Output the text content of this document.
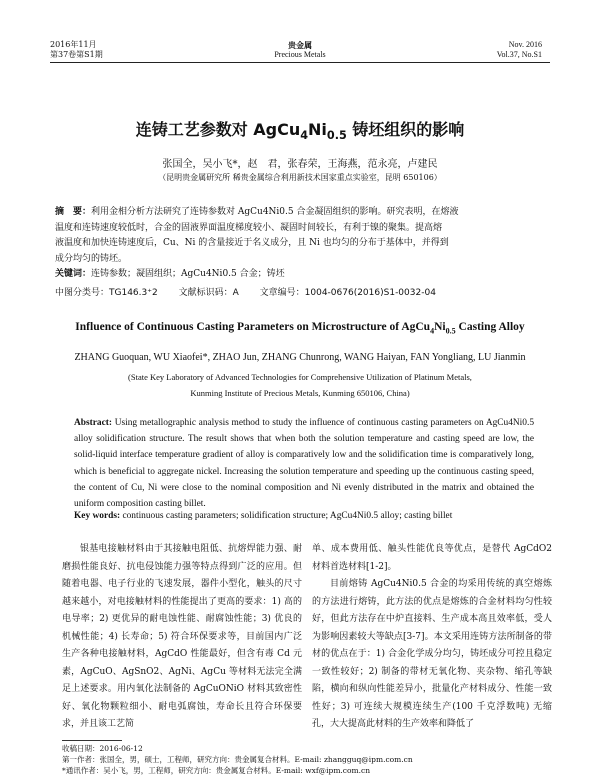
2016年11月
第37卷第S1期
贵金属
Precious Metals
Nov. 2016
Vol.37, No.S1
连铸工艺参数对 $AgCu_4Ni_{0.5}$ 铸坯组织的影响
张国全，吴小飞*，赵　君，张春荣，王海燕，范永亮，卢建民
（昆明贵金属研究所 稀贵金属综合利用新技术国家重点实验室，昆明 650106）
摘　要：利用金相分析方法研究了连铸参数对 AgCu4Ni0.5 合金凝固组织的影响。研究表明，在熔液
温度和连铸速度较低时，合金的固液界面温度梯度较小、凝固时间较长，有利于镍的聚集。提高熔
液温度和加快连铸速度后，Cu、Ni 的含量接近于名义成分，且 Ni 也均匀的分布于基体中，并得到
成分均匀的铸坯。
关键词：连铸参数；凝固组织；AgCu4Ni0.5 合金；铸坯
中图分类号：TG146.3⁺2 文献标识码：A 文章编号：1004-0676(2016)S1-0032-04
Influence of Continuous Casting Parameters on Microstructure of $AgCu_4Ni_{0.5}$ Casting Alloy
ZHANG Guoquan, WU Xiaofei*, ZHAO Jun, ZHANG Chunrong, WANG Haiyan, FAN Yongliang, LU Jianmin
(State Key Laboratory of Advanced Technologies for Comprehensive Utilization of Platinum Metals,
Kunming Institute of Precious Metals, Kunming 650106, China)
Abstract: Using metallographic analysis method to study the influence of continuous casting parameters on AgCu4Ni0.5 alloy solidification structure. The result shows that when both the solution temperature and casting speed are low, the solid-liquid interface temperature gradient of alloy is comparatively low and the solidification time is comparatively long, which is beneficial to aggregate nickel. Increasing the solution temperature and speeding up the continuous casting speed, the content of Cu, Ni were close to the nominal composition and Ni evenly distributed in the matrix and obtained the uniform composition casting billet.
Key words: continuous casting parameters; solidification structure; AgCu4Ni0.5 alloy; casting billet

银基电接触材料由于其接触电阻低、抗熔焊能力强、耐磨损性能良好、抗电侵蚀能力强等特点得到广泛的应用。但随着电器、电子行业的飞速发展，器件小型化，触头的尺寸越来越小，对电接触材料的性能提出了更高的要求：1) 高的电导率；2) 更优异的耐电蚀性能、耐腐蚀性能；3) 优良的机械性能；4) 长寿命；5) 符合环保要求等，目前国内广泛生产各种电接触材料，AgCdO 性能最好，但含有毒 Cd 元素，AgCuO、AgSnO2、AgNi、AgCu 等材料无法完全满足上述要求。用内氧化法制备的 AgCuONiO 材料其致密性好、氧化物颗粒细小、耐电弧腐蚀，寿命长且符合环保要求，并且该工艺简

单、成本费用低、触头性能优良等优点，是替代 AgCdO2 材料首选材料[1-2]。

目前熔铸 AgCu4Ni0.5 合金的均采用传统的真空熔炼的方法进行熔铸，此方法的优点是熔炼的合金材料均匀性较好，但此方法存在中炉直接料、生产成本高且效率低，受人为影响因素较大等缺点[3-7]。本文采用连铸方法所制备的带材的优点在于：1) 合金化学成分均匀，铸坯成分可控且稳定一致性较好；2) 制备的带材无氧化物、夹杂物、缩孔等缺陷，横向和纵向性能差异小，批量化产材料成分、性能一致性好；3) 可连续大规模连续生产(100 千克浮数吨) 无缩孔，大大提高此材料的生产效率和降低了

收稿日期：2016-06-12
第一作者：张国全，男，硕士，工程师，研究方向：贵金属复合材料。E-mail: zhangguq@ipm.com.cn
*通讯作者：吴小飞，男，工程师，研究方向：贵金属复合材料。E-mail: wxf@ipm.com.cn
